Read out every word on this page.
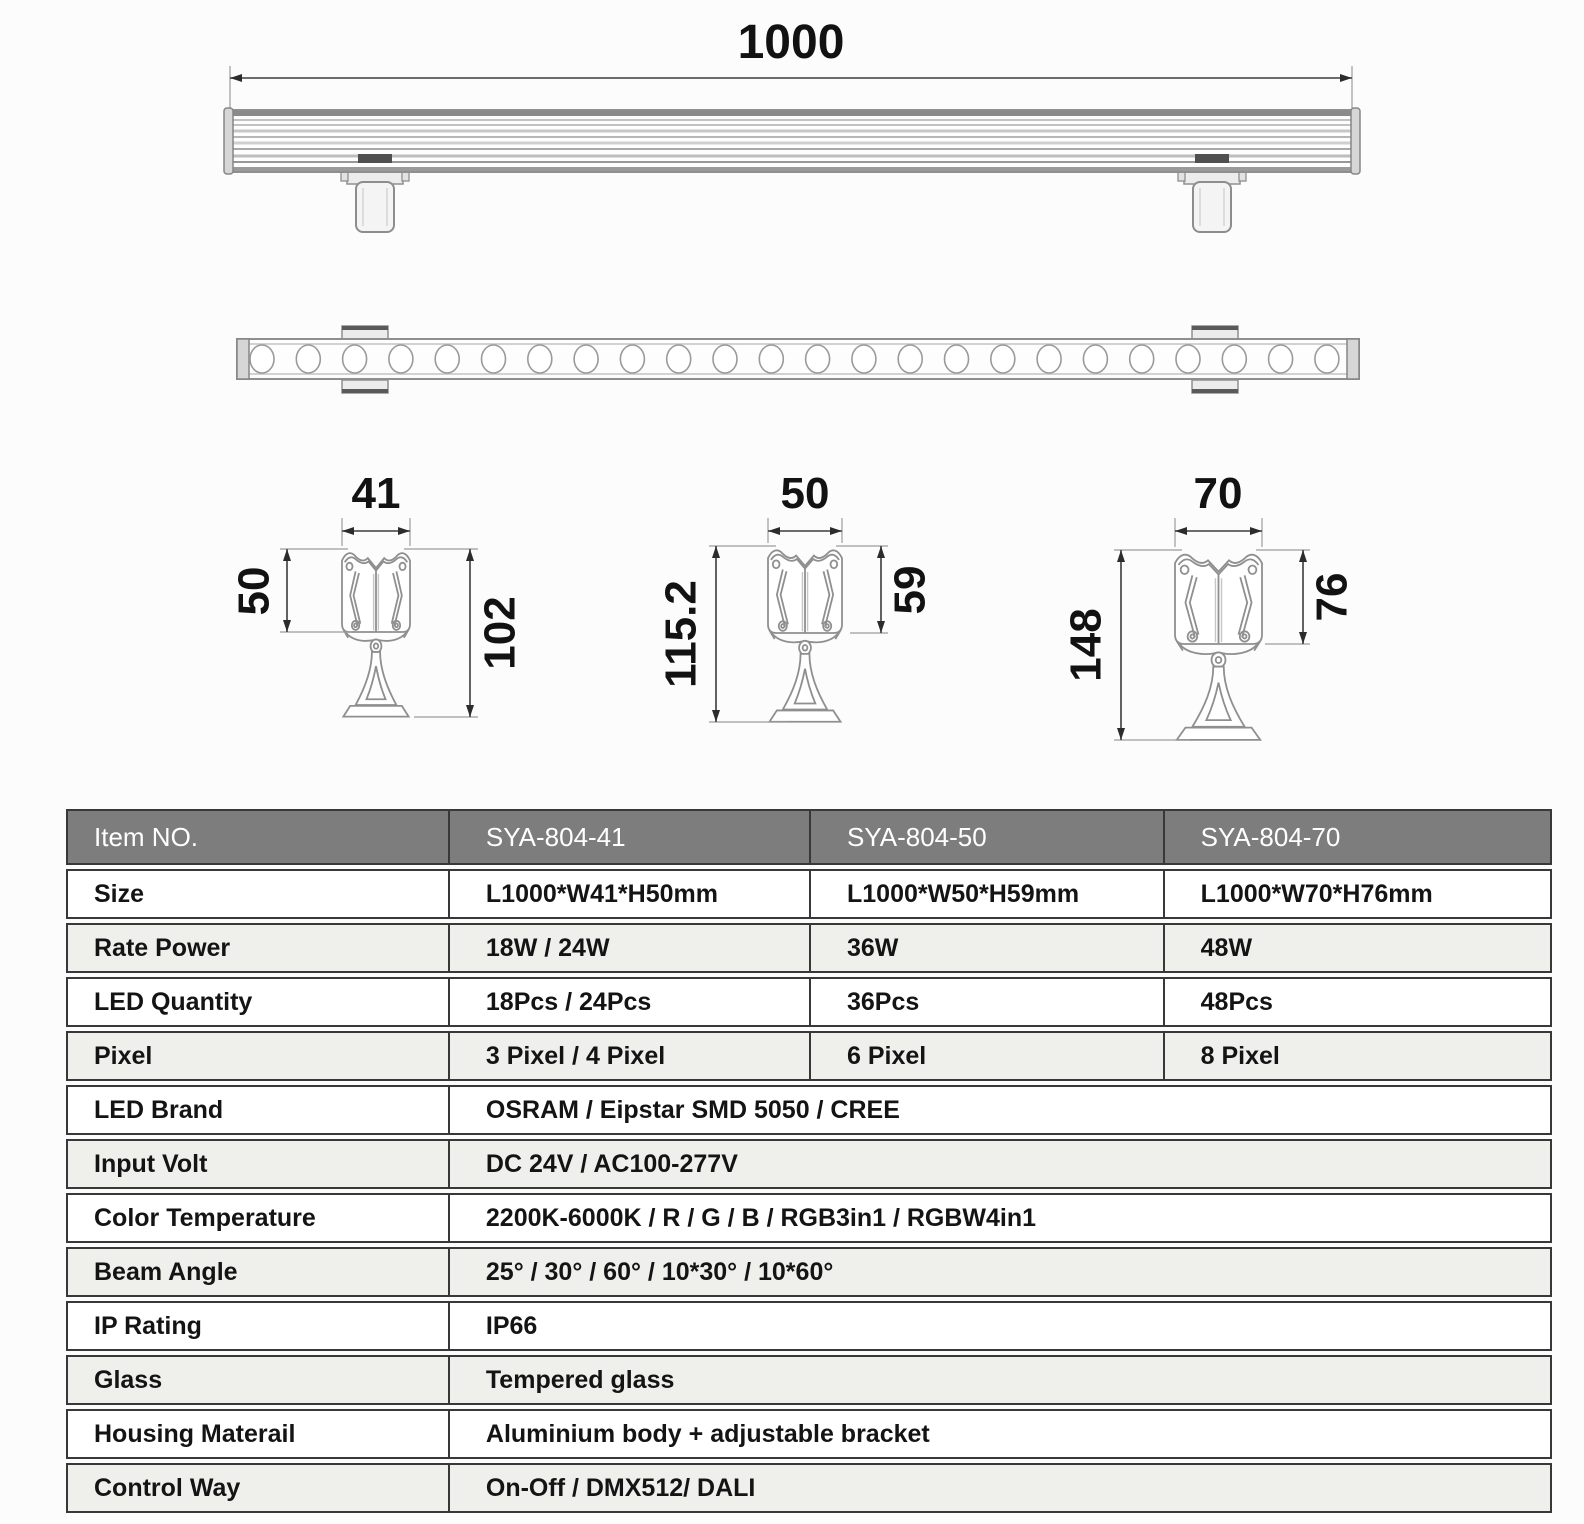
1000
41
50
102
50
115.2	59
70
148
76
Item NO.	SYA-804-41	SYA-804-50	SYA-804-70
Size	L1000*W41*H50mm	L1000*W50*H59mm	L1000*W70*H76mm
Rate Power	18W / 24W	36W	48W
LED Quantity	18Pcs / 24Pcs	36Pcs	48Pcs
Pixel	3 Pixel / 4 Pixel	6 Pixel	8 Pixel
LED Brand	OSRAM / Eipstar SMD 5050 / CREE		
Input Volt	DC 24V / AC100-277V		
Color Temperature	2200K-6000K / R / G / B / RGB3in1 / RGBW4in1		
Beam Angle	25° / 30° / 60° / 10*30° / 10*60°		
IP Rating	IP66		
Glass	Tempered glass		
Housing Materail	Aluminium body + adjustable bracket		
Control Way	On-Off / DMX512/ DALI		
